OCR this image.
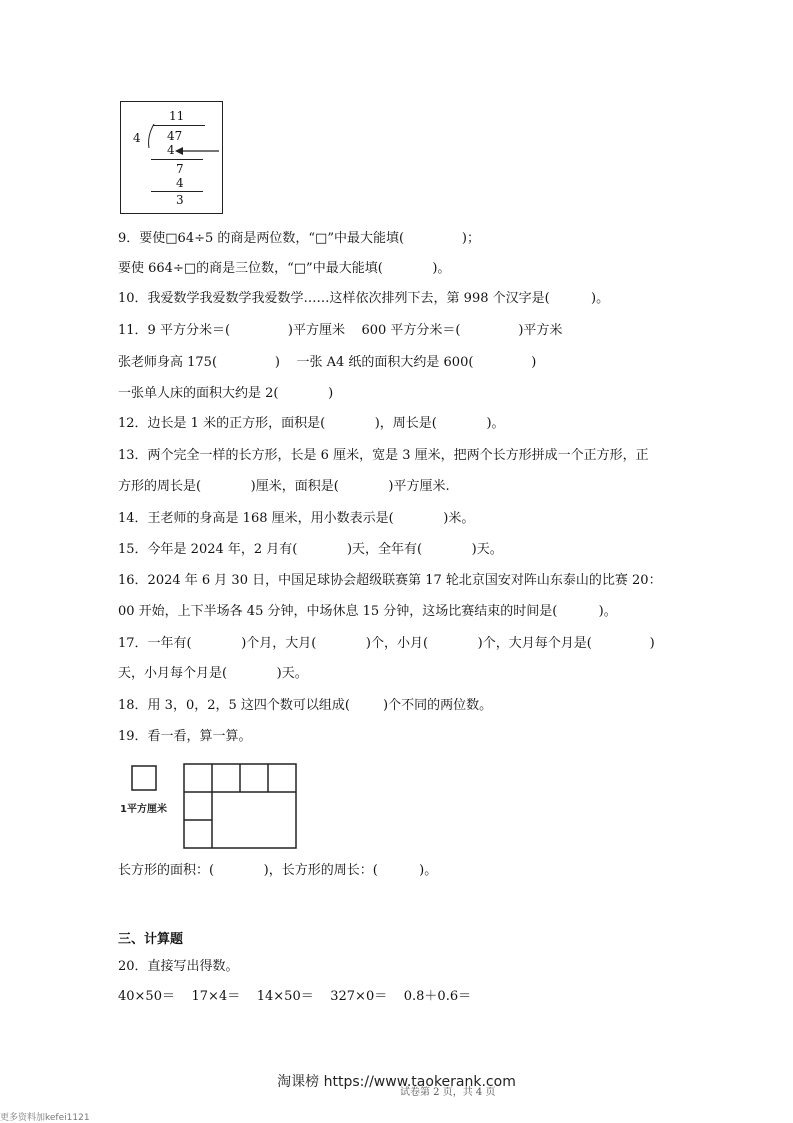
11
4 47
4
7
4
3
9．要使□64÷5 的商是两位数，“□”中最大能填(              )；
要使 664÷□的商是三位数，“□”中最大能填(            )。
10．我爱数学我爱数学我爱数学……这样依次排列下去，第 998 个汉字是(          )。
11．9 平方分米＝(              )平方厘米    600 平方分米＝(              )平方米
张老师身高 175(              )    一张 A4 纸的面积大约是 600(              )
一张单人床的面积大约是 2(            )
12．边长是 1 米的正方形，面积是(            )，周长是(            )。
13．两个完全一样的长方形，长是 6 厘米，宽是 3 厘米，把两个长方形拼成一个正方形，正
方形的周长是(            )厘米，面积是(            )平方厘米.
14．王老师的身高是 168 厘米，用小数表示是(            )米。
15．今年是 2024 年，2 月有(            )天，全年有(            )天。
16．2024 年 6 月 30 日，中国足球协会超级联赛第 17 轮北京国安对阵山东泰山的比赛 20：
00 开始，上下半场各 45 分钟，中场休息 15 分钟，这场比赛结束的时间是(          )。
17．一年有(            )个月，大月(            )个，小月(            )个，大月每个月是(              )
天，小月每个月是(            )天。
18．用 3，0，2，5 这四个数可以组成(        )个不同的两位数。
19．看一看，算一算。
1平方厘米
长方形的面积：(            )，长方形的周长：(          )。
三、计算题
20．直接写出得数。
40×50＝    17×4＝    14×50＝    327×0＝    0.8＋0.6＝
淘课榜 https://www.taokerank.com
试卷第 2 页，共 4 页
更多资料加kefei1121
